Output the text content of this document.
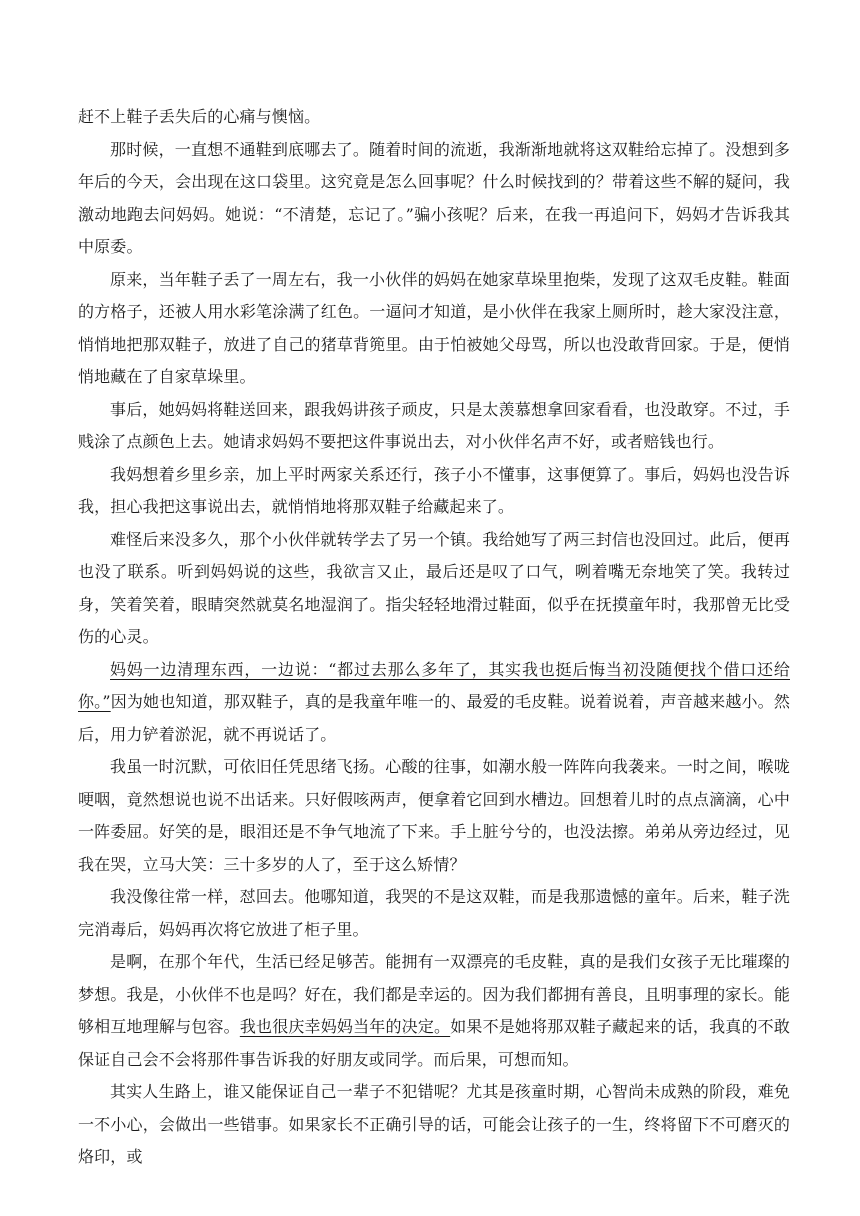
赶不上鞋子丢失后的心痛与懊恼。

那时候，一直想不通鞋到底哪去了。随着时间的流逝，我渐渐地就将这双鞋给忘掉了。没想到多年后的今天，会出现在这口袋里。这究竟是怎么回事呢？什么时候找到的？带着这些不解的疑问，我激动地跑去问妈妈。她说：“不清楚，忘记了。”骗小孩呢？后来，在我一再追问下，妈妈才告诉我其中原委。

原来，当年鞋子丢了一周左右，我一小伙伴的妈妈在她家草垛里抱柴，发现了这双毛皮鞋。鞋面的方格子，还被人用水彩笔涂满了红色。一逼问才知道，是小伙伴在我家上厕所时，趁大家没注意，悄悄地把那双鞋子，放进了自己的猪草背篼里。由于怕被她父母骂，所以也没敢背回家。于是，便悄悄地藏在了自家草垛里。

事后，她妈妈将鞋送回来，跟我妈讲孩子顽皮，只是太羡慕想拿回家看看，也没敢穿。不过，手贱涂了点颜色上去。她请求妈妈不要把这件事说出去，对小伙伴名声不好，或者赔钱也行。

我妈想着乡里乡亲，加上平时两家关系还行，孩子小不懂事，这事便算了。事后，妈妈也没告诉我，担心我把这事说出去，就悄悄地将那双鞋子给藏起来了。

难怪后来没多久，那个小伙伴就转学去了另一个镇。我给她写了两三封信也没回过。此后，便再也没了联系。听到妈妈说的这些，我欲言又止，最后还是叹了口气，咧着嘴无奈地笑了笑。我转过身，笑着笑着，眼睛突然就莫名地湿润了。指尖轻轻地滑过鞋面，似乎在抚摸童年时，我那曾无比受伤的心灵。

妈妈一边清理东西，一边说：“都过去那么多年了，其实我也挺后悔当初没随便找个借口还给你。”因为她也知道，那双鞋子，真的是我童年唯一的、最爱的毛皮鞋。说着说着，声音越来越小。然后，用力铲着淤泥，就不再说话了。

我虽一时沉默，可依旧任凭思绪飞扬。心酸的往事，如潮水般一阵阵向我袭来。一时之间，喉咙哽咽，竟然想说也说不出话来。只好假咳两声，便拿着它回到水槽边。回想着儿时的点点滴滴，心中一阵委屈。好笑的是，眼泪还是不争气地流了下来。手上脏兮兮的，也没法擦。弟弟从旁边经过，见我在哭，立马大笑：三十多岁的人了，至于这么矫情？

我没像往常一样，怼回去。他哪知道，我哭的不是这双鞋，而是我那遗憾的童年。后来，鞋子洗完消毒后，妈妈再次将它放进了柜子里。

是啊，在那个年代，生活已经足够苦。能拥有一双漂亮的毛皮鞋，真的是我们女孩子无比璀璨的梦想。我是，小伙伴不也是吗？好在，我们都是幸运的。因为我们都拥有善良，且明事理的家长。能够相互地理解与包容。我也很庆幸妈妈当年的决定。如果不是她将那双鞋子藏起来的话，我真的不敢保证自己会不会将那件事告诉我的好朋友或同学。而后果，可想而知。

其实人生路上，谁又能保证自己一辈子不犯错呢？尤其是孩童时期，心智尚未成熟的阶段，难免一不小心，会做出一些错事。如果家长不正确引导的话，可能会让孩子的一生，终将留下不可磨灭的烙印，或
